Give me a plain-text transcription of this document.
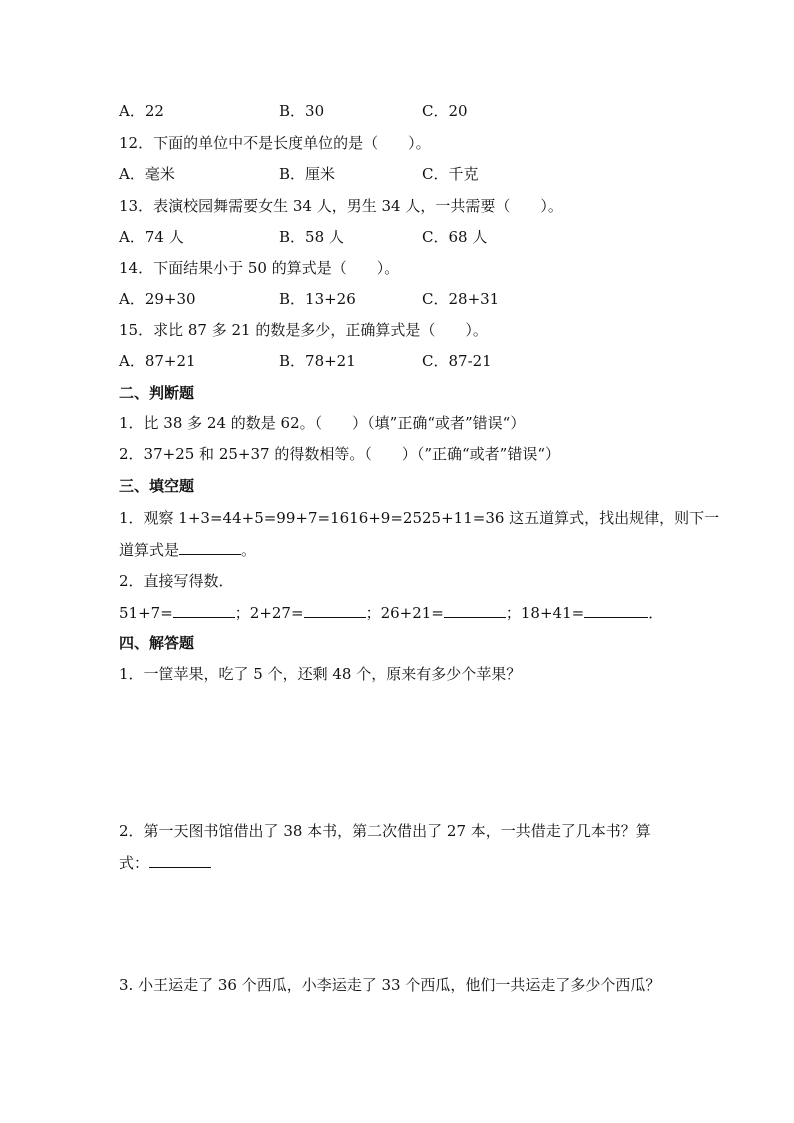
A．22	B．30	C．20
12．下面的单位中不是长度单位的是（　　）。
A．毫米	B．厘米	C．千克
13．表演校园舞需要女生 34 人，男生 34 人，一共需要（　　）。
A．74 人	B．58 人	C．68 人
14．下面结果小于 50 的算式是（　　）。
A．29+30	B．13+26	C．28+31
15．求比 87 多 21 的数是多少，正确算式是（　　）。
A．87+21	B．78+21	C．87-21
二、判断题
1．比 38 多 24 的数是 62。（　　）（填”正确“或者”错误“）
2．37+25 和 25+37 的得数相等。（　　）（”正确“或者”错误“）
三、填空题
1．观察 1+3=44+5=99+7=1616+9=2525+11=36 这五道算式，找出规律，则下一
道算式是	。
2．直接写得数．
51+7=	；2+27=	；26+21=	；18+41=	．
四、解答题
1．一筐苹果，吃了 5 个，还剩 48 个，原来有多少个苹果？
2．第一天图书馆借出了 38 本书，第二次借出了 27 本，一共借走了几本书？算
式：
3. 小王运走了 36 个西瓜，小李运走了 33 个西瓜，他们一共运走了多少个西瓜？
